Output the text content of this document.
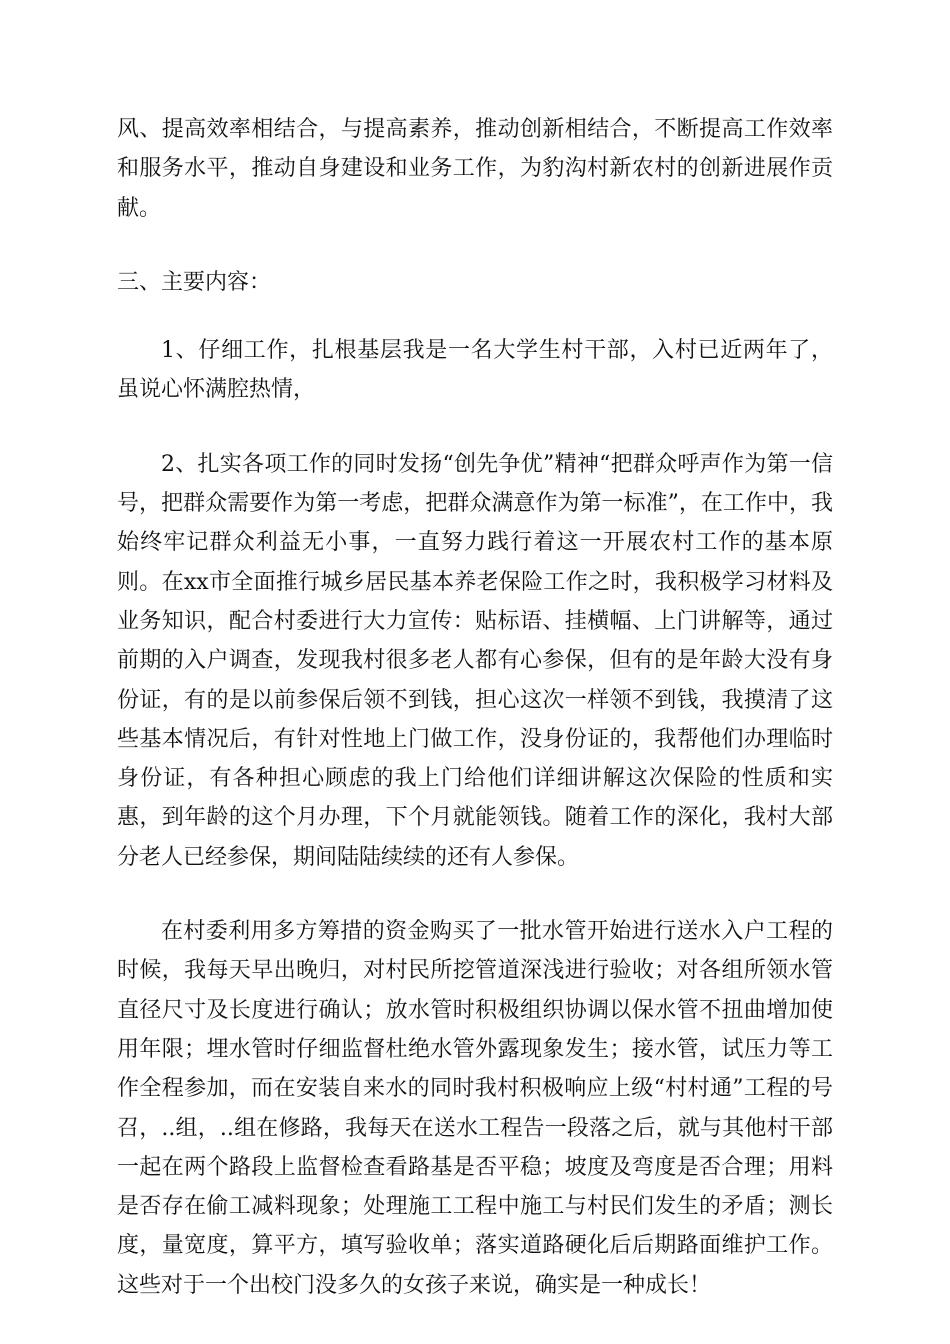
风、提高效率相结合，与提高素养，推动创新相结合，不断提高工作效率和服务水平，推动自身建设和业务工作，为豹沟村新农村的创新进展作贡献。

三、主要内容：

1、仔细工作，扎根基层我是一名大学生村干部，入村已近两年了，虽说心怀满腔热情，

2、扎实各项工作的同时发扬“创先争优”精神“把群众呼声作为第一信号，把群众需要作为第一考虑，把群众满意作为第一标准”，在工作中，我始终牢记群众利益无小事，一直努力践行着这一开展农村工作的基本原则。在xx市全面推行城乡居民基本养老保险工作之时，我积极学习材料及业务知识，配合村委进行大力宣传：贴标语、挂横幅、上门讲解等，通过前期的入户调查，发现我村很多老人都有心参保，但有的是年龄大没有身份证，有的是以前参保后领不到钱，担心这次一样领不到钱，我摸清了这些基本情况后，有针对性地上门做工作，没身份证的，我帮他们办理临时身份证，有各种担心顾虑的我上门给他们详细讲解这次保险的性质和实惠，到年龄的这个月办理，下个月就能领钱。随着工作的深化，我村大部分老人已经参保，期间陆陆续续的还有人参保。

在村委利用多方筹措的资金购买了一批水管开始进行送水入户工程的时候，我每天早出晚归，对村民所挖管道深浅进行验收；对各组所领水管直径尺寸及长度进行确认；放水管时积极组织协调以保水管不扭曲增加使用年限；埋水管时仔细监督杜绝水管外露现象发生；接水管，试压力等工作全程参加，而在安装自来水的同时我村积极响应上级“村村通”工程的号召，..组，..组在修路，我每天在送水工程告一段落之后，就与其他村干部一起在两个路段上监督检查看路基是否平稳；坡度及弯度是否合理；用料是否存在偷工减料现象；处理施工工程中施工与村民们发生的矛盾；测长度，量宽度，算平方，填写验收单；落实道路硬化后后期路面维护工作。这些对于一个出校门没多久的女孩子来说，确实是一种成长！
